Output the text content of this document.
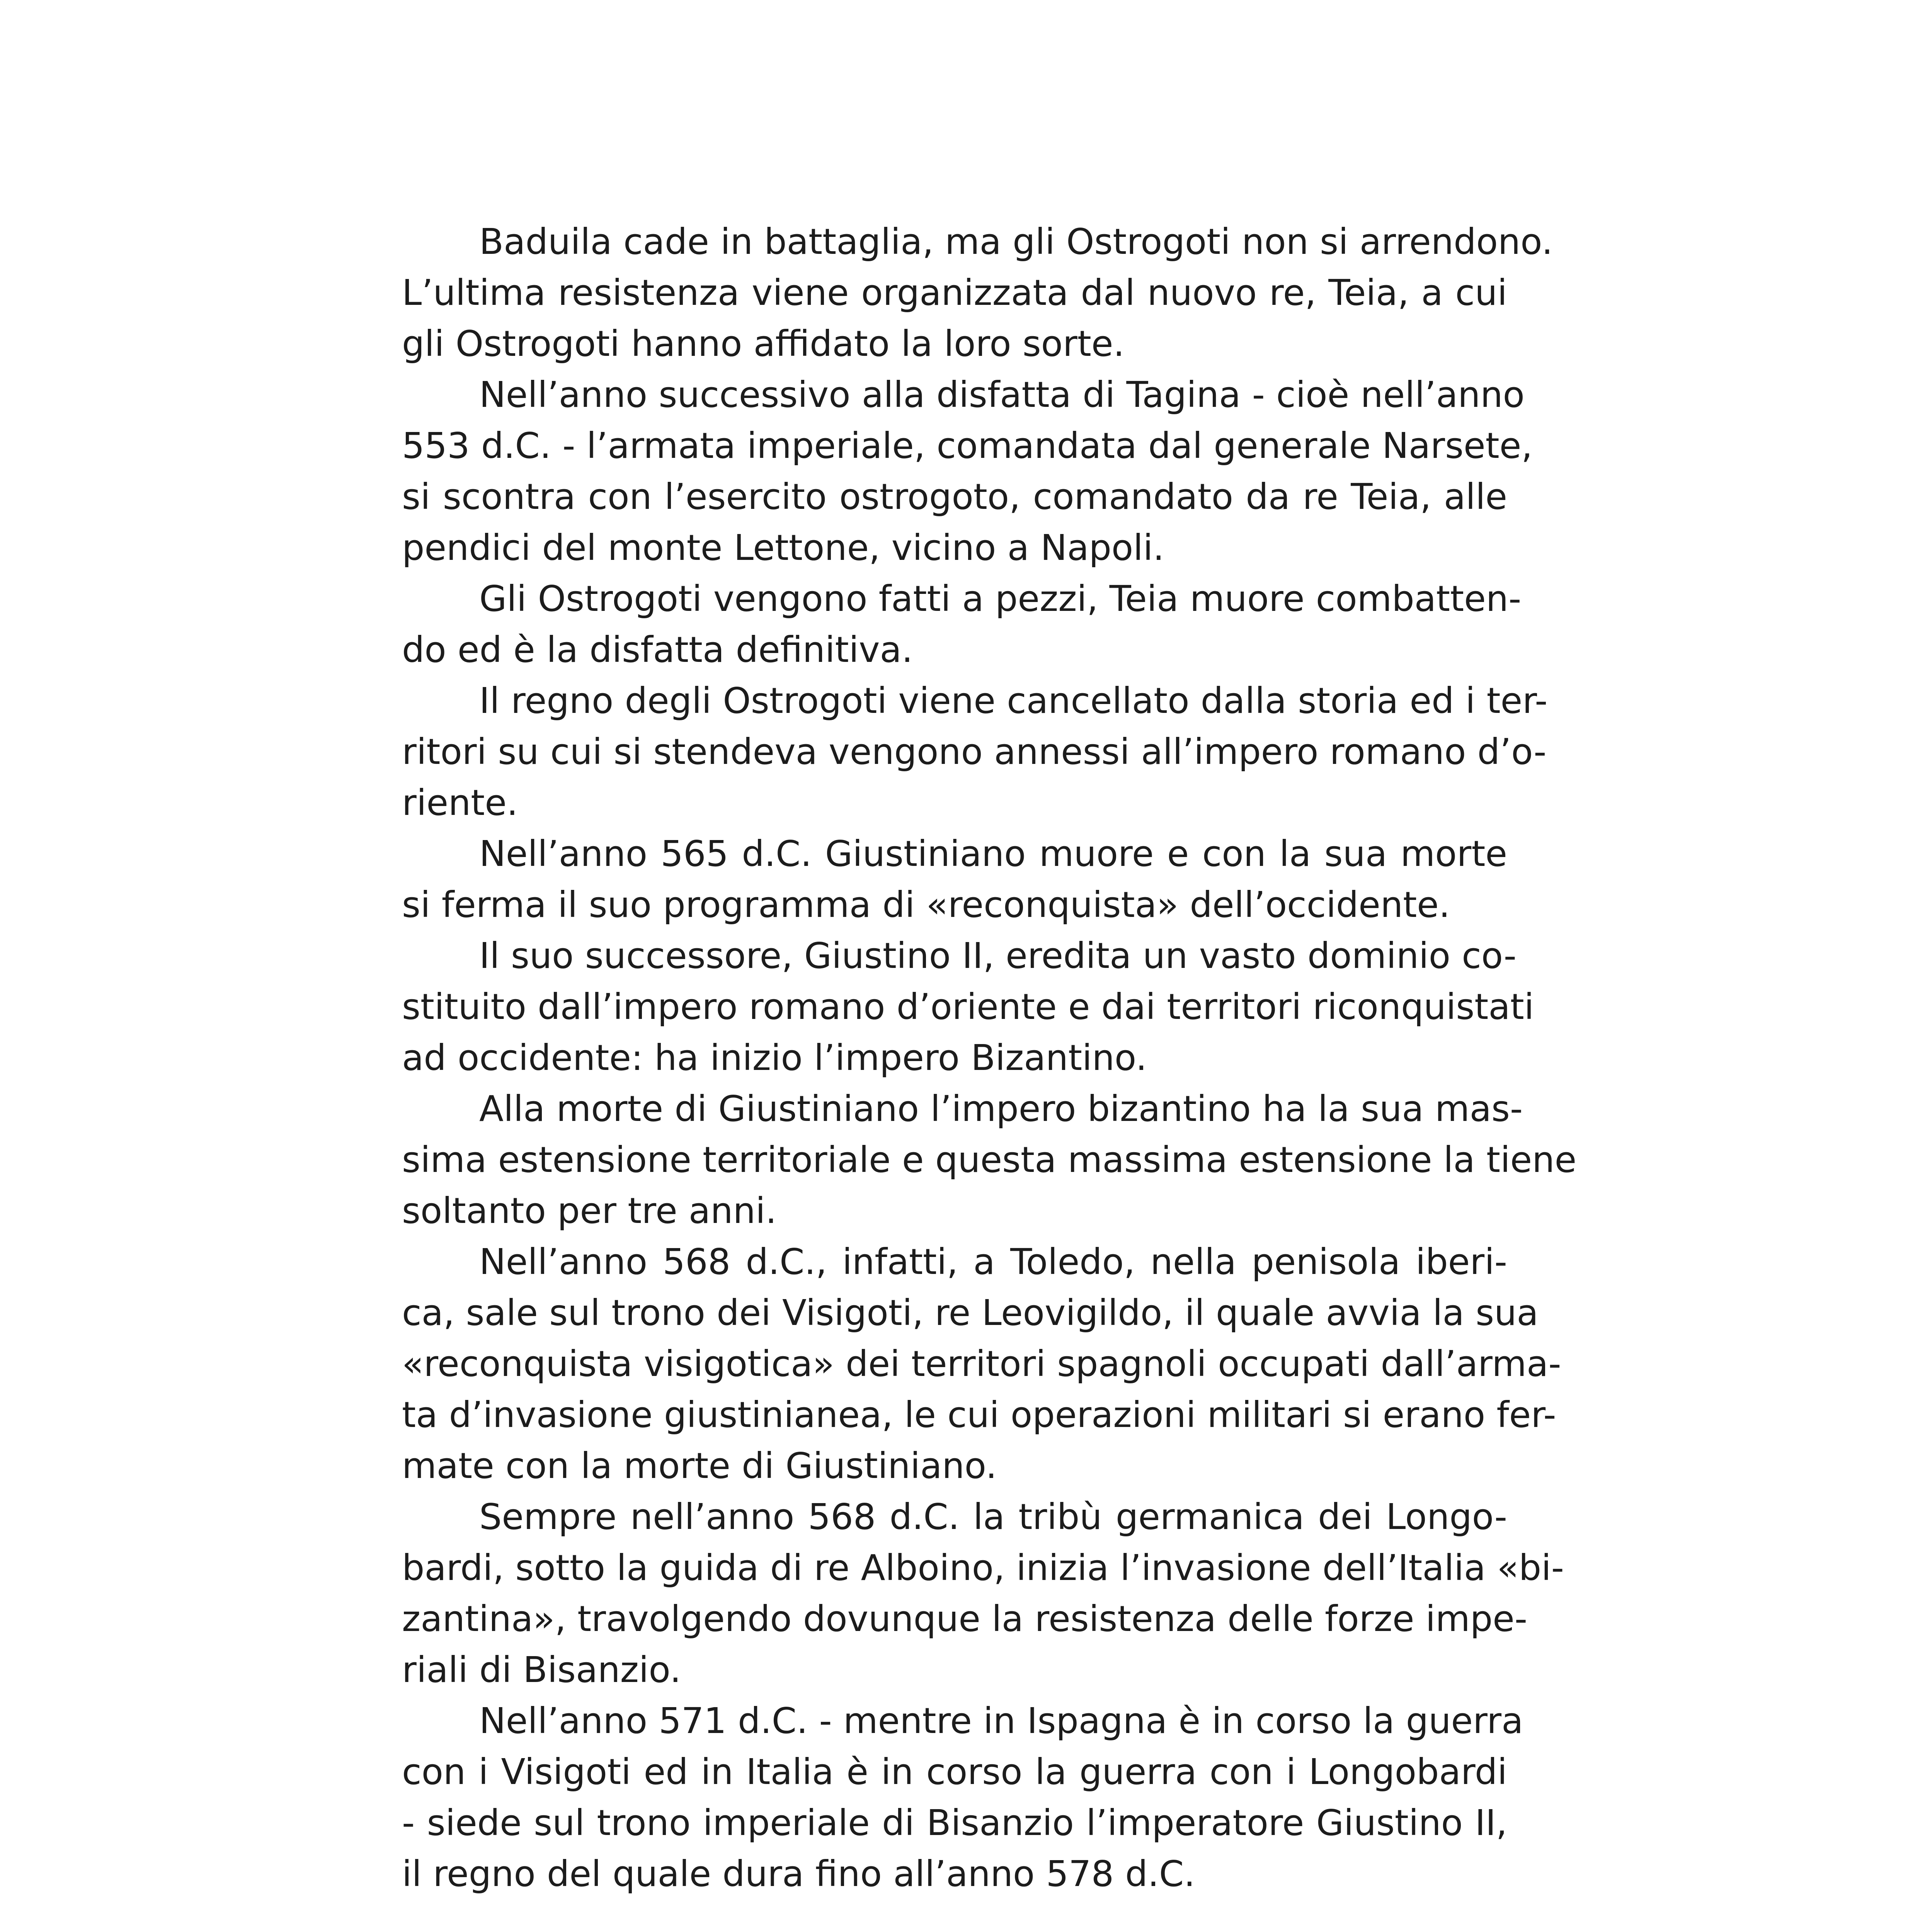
Baduila cade in battaglia, ma gli Ostrogoti non si arrendono.
L’ultima resistenza viene organizzata dal nuovo re, Teia, a cui
gli Ostrogoti hanno affidato la loro sorte.

Nell’anno successivo alla disfatta di Tagina - cioè nell’anno
553 d.C. - l’armata imperiale, comandata dal generale Narsete,
si scontra con l’esercito ostrogoto, comandato da re Teia, alle
pendici del monte Lettone, vicino a Napoli.

Gli Ostrogoti vengono fatti a pezzi, Teia muore combatten-
do ed è la disfatta definitiva.

Il regno degli Ostrogoti viene cancellato dalla storia ed i ter-
ritori su cui si stendeva vengono annessi all’impero romano d’o-
riente.

Nell’anno 565 d.C. Giustiniano muore e con la sua morte
si ferma il suo programma di «reconquista» dell’occidente.

Il suo successore, Giustino II, eredita un vasto dominio co-
stituito dall’impero romano d’oriente e dai territori riconquistati
ad occidente: ha inizio l’impero Bizantino.

Alla morte di Giustiniano l’impero bizantino ha la sua mas-
sima estensione territoriale e questa massima estensione la tiene
soltanto per tre anni.

Nell’anno 568 d.C., infatti, a Toledo, nella penisola iberi-
ca, sale sul trono dei Visigoti, re Leovigildo, il quale avvia la sua
«reconquista visigotica» dei territori spagnoli occupati dall’arma-
ta d’invasione giustinianea, le cui operazioni militari si erano fer-
mate con la morte di Giustiniano.

Sempre nell’anno 568 d.C. la tribù germanica dei Longo-
bardi, sotto la guida di re Alboino, inizia l’invasione dell’Italia «bi-
zantina», travolgendo dovunque la resistenza delle forze impe-
riali di Bisanzio.

Nell’anno 571 d.C. - mentre in Ispagna è in corso la guerra
con i Visigoti ed in Italia è in corso la guerra con i Longobardi
- siede sul trono imperiale di Bisanzio l’imperatore Giustino II,
il regno del quale dura fino all’anno 578 d.C.
